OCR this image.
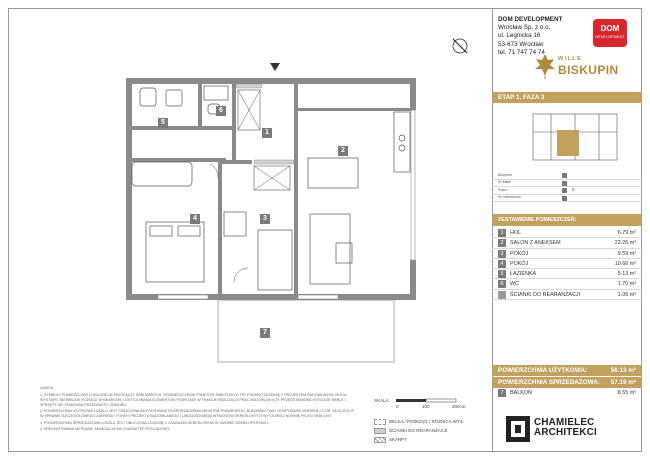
1
2
3
4
5
6
7
DOM DEVELOPMENT
Wrocław Sp. z o.o.
ul. Legnicka 16
53-673 Wrocław
tel. 71 747 74 74
DOM
DEVELOPMENT
WILLE
BISKUPIN
ETAP 1, FAZA 3
Budynek
Nr klatki
Piętro	2
Nr mieszkania
ZESTAWIENIE POMIESZCZEŃ:
1	HOL	6.79 m²
2	SALON Z ANEKSEM	22.26 m²
3	POKÓJ	9.59 m²
4	POKÓJ	10.66 m²
5	ŁAZIENKA	5.13 m²
6	WC	1.70 m²
ŚCIANKI DO REARANŻACJI	1.06 m²
POWIERZCHNIA UŻYTKOWA:	56.13 m²
POWIERZCHNIA SPRZEDAŻOWA: 57.19 m²
7	BALKON	8.55 m²
CHAMIELEC
ARCHITEKCI

UWAGA:

1. SYMBOLY POMIESZCZEŃ LOKALIZACJA PRZYŁĄCZY SANITARNYCH, ROZMIESZCZENIE PUNKTÓW ŚWIETLNYCH ITP. PODANO ZGODNIE Z PROJEKTEM BUDOWLANYM. MOGĄ WYSTĄPIĆ NIEWIELKIE RÓŻNICE WYMIAROWE I USYTUOWANIA ELEMENTÓW POWSTAŁE W TRAKCIE REALIZACJI PRAC BUDOWLANYCH. PRZEDSTAWIONE W RZUCIE MEBLE I SPRZĘTY NIE STANOWIĄ PRZEDMIOTU ODBIORU.

2. POWIERZCHNIA UŻYTKOWA LOKALU JEST OBLICZONA NA PODSTAWIE ROZPORZĄDZENIA MINISTRA TRANSPORTU, BUDOWNICTWA I GOSPODARKI MORSKIEJ Z DN. 25.04.2012 R. W SPRAWIE SZCZEGÓŁOWEGO ZAKRESU I FORMY PROJEKTU BUDOWLANEGO I UWZGLĘDNIENIA WYMOGÓW OKREŚLONYCH W POLSKIEJ NORMIE PN-ISO 9836:1997.

3. POWIERZCHNIA SPRZEDAŻOWA LOKALU JEST OBLICZONA ZGODNIE Z ZASADAMI OKREŚLONYMI W UMOWIE DEWELOPERSKIEJ.

4. PREZENTOWANA NA PLANIE ARANŻACJA MA CHARAKTER POGLĄDOWY.

SKALA:
0	100	200cm
BELKA / PODCIĄG / RÓŻNICA WYS.
ŚCIANKI DO REARANŻACJI
SKARPY
